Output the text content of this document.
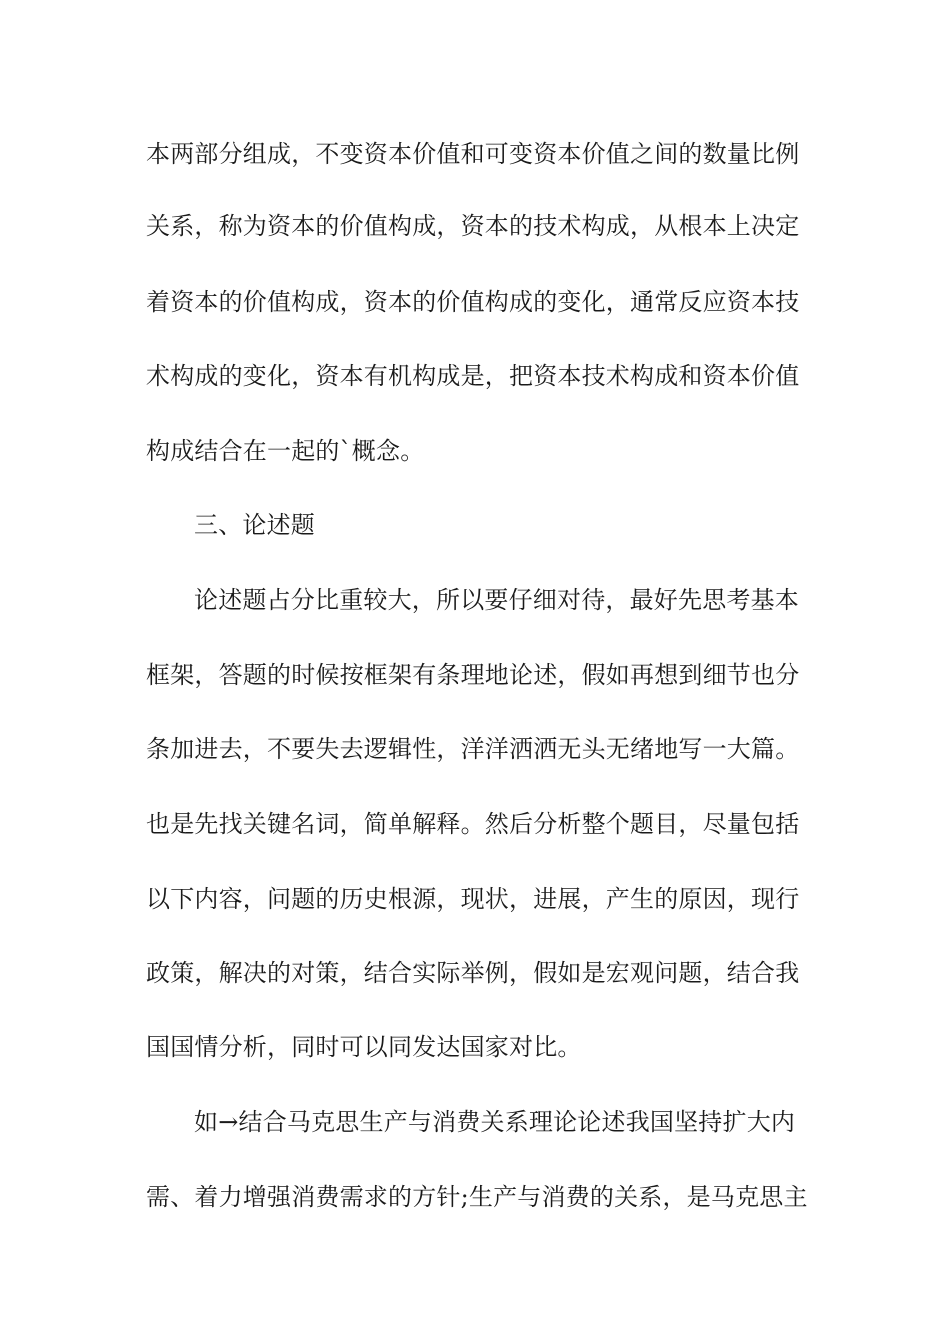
本两部分组成，不变资本价值和可变资本价值之间的数量比例

关系，称为资本的价值构成，资本的技术构成，从根本上决定

着资本的价值构成，资本的价值构成的变化，通常反应资本技

术构成的变化，资本有机构成是，把资本技术构成和资本价值

构成结合在一起的`概念。

三、论述题

论述题占分比重较大，所以要仔细对待，最好先思考基本

框架，答题的时候按框架有条理地论述，假如再想到细节也分

条加进去，不要失去逻辑性，洋洋洒洒无头无绪地写一大篇。

也是先找关键名词，简单解释。然后分析整个题目，尽量包括

以下内容，问题的历史根源，现状，进展，产生的原因，现行

政策，解决的对策，结合实际举例，假如是宏观问题，结合我

国国情分析，同时可以同发达国家对比。

如→结合马克思生产与消费关系理论论述我国坚持扩大内

需、着力增强消费需求的方针;生产与消费的关系，是马克思主
